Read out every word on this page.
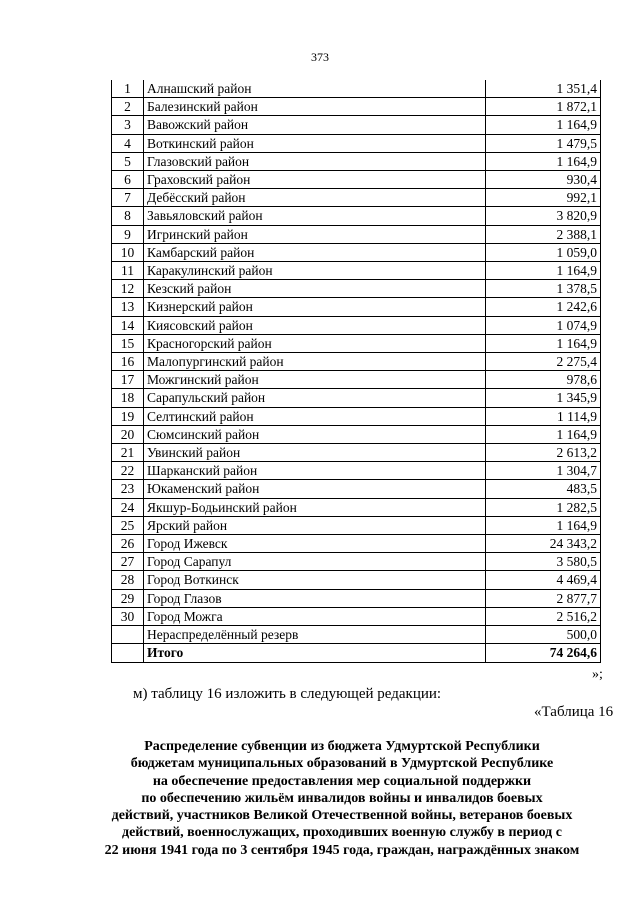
373
1	Алнашский район	1 351,4
2	Балезинский район	1 872,1
3	Вавожский район	1 164,9
4	Воткинский район	1 479,5
5	Глазовский район	1 164,9
6	Граховский район	930,4
7	Дебёсский район	992,1
8	Завьяловский район	3 820,9
9	Игринский район	2 388,1
10	Камбарский район	1 059,0
11	Каракулинский район	1 164,9
12	Кезский район	1 378,5
13	Кизнерский район	1 242,6
14	Киясовский район	1 074,9
15	Красногорский район	1 164,9
16	Малопургинский район	2 275,4
17	Можгинский район	978,6
18	Сарапульский район	1 345,9
19	Селтинский район	1 114,9
20	Сюмсинский район	1 164,9
21	Увинский район	2 613,2
22	Шарканский район	1 304,7
23	Юкаменский район	483,5
24	Якшур-Бодьинский район	1 282,5
25	Ярский район	1 164,9
26	Город Ижевск	24 343,2
27	Город Сарапул	3 580,5
28	Город Воткинск	4 469,4
29	Город Глазов	2 877,7
30	Город Можга	2 516,2
	Нераспределённый резерв	500,0
	Итого	74 264,6
»;
м) таблицу 16 изложить в следующей редакции:
«Таблица 16
Распределение субвенции из бюджета Удмуртской Республики
бюджетам муниципальных образований в Удмуртской Республике
на обеспечение предоставления мер социальной поддержки
по обеспечению жильём инвалидов войны и инвалидов боевых
действий, участников Великой Отечественной войны, ветеранов боевых
действий, военнослужащих, проходивших военную службу в период с
22 июня 1941 года по 3 сентября 1945 года, граждан, награждённых знаком
